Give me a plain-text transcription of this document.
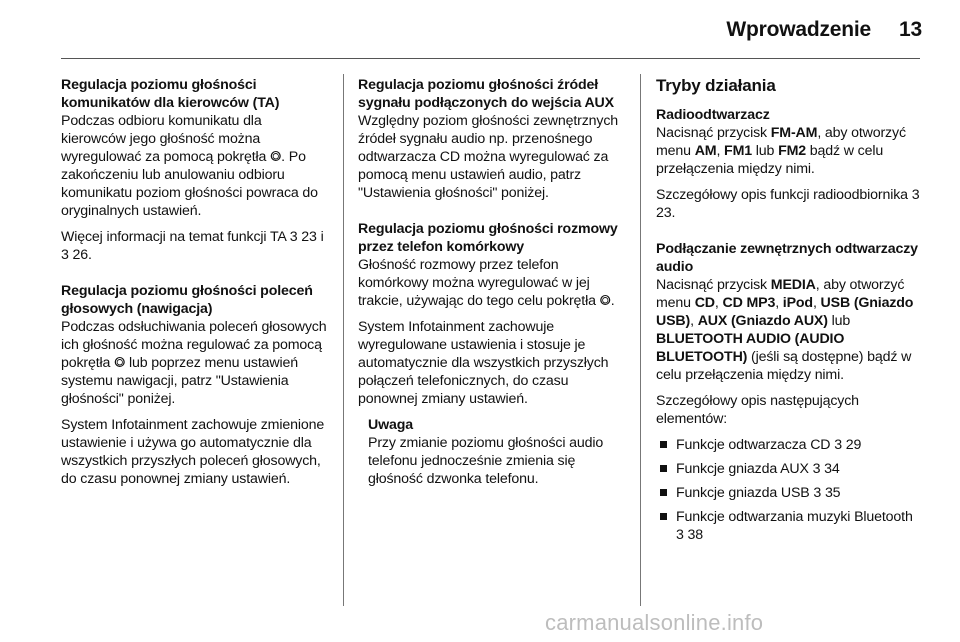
Wprowadzenie 13

Regulacja poziomu głośności komunikatów dla kierowców (TA)

Podczas odbioru komunikatu dla kierowców jego głośność można wyregulować za pomocą pokrętła ⭗. Po zakończeniu lub anulowaniu odbioru komunikatu poziom głośności powraca do oryginalnych ustawień.

Więcej informacji na temat funkcji TA 3 23 i 3 26.

Regulacja poziomu głośności poleceń głosowych (nawigacja)

Podczas odsłuchiwania poleceń głosowych ich głośność można regulować za pomocą pokrętła ⭗ lub poprzez menu ustawień systemu nawigacji, patrz "Ustawienia głośności" poniżej.

System Infotainment zachowuje zmienione ustawienie i używa go automatycznie dla wszystkich przyszłych poleceń głosowych, do czasu ponownej zmiany ustawień.

Regulacja poziomu głośności źródeł sygnału podłączonych do wejścia AUX

Względny poziom głośności zewnętrznych źródeł sygnału audio np. przenośnego odtwarzacza CD można wyregulować za pomocą menu ustawień audio, patrz "Ustawienia głośności" poniżej.

Regulacja poziomu głośności rozmowy przez telefon komórkowy

Głośność rozmowy przez telefon komórkowy można wyregulować w jej trakcie, używając do tego celu pokrętła ⭗.

System Infotainment zachowuje wyregulowane ustawienia i stosuje je automatycznie dla wszystkich przyszłych połączeń telefonicznych, do czasu ponownej zmiany ustawień.

Uwaga
Przy zmianie poziomu głośności audio telefonu jednocześnie zmienia się głośność dzwonka telefonu.

Tryby działania

Radioodtwarzacz

Nacisnąć przycisk FM-AM, aby otworzyć menu AM, FM1 lub FM2 bądź w celu przełączenia między nimi.

Szczegółowy opis funkcji radioodbiornika 3 23.

Podłączanie zewnętrznych odtwarzaczy audio

Nacisnąć przycisk MEDIA, aby otworzyć menu CD, CD MP3, iPod, USB (Gniazdo USB), AUX (Gniazdo AUX) lub BLUETOOTH AUDIO (AUDIO BLUETOOTH) (jeśli są dostępne) bądź w celu przełączenia między nimi.

Szczegółowy opis następujących elementów:

Funkcje odtwarzacza CD 3 29
Funkcje gniazda AUX 3 34
Funkcje gniazda USB 3 35
Funkcje odtwarzania muzyki Bluetooth 3 38
carmanualsonline.info
